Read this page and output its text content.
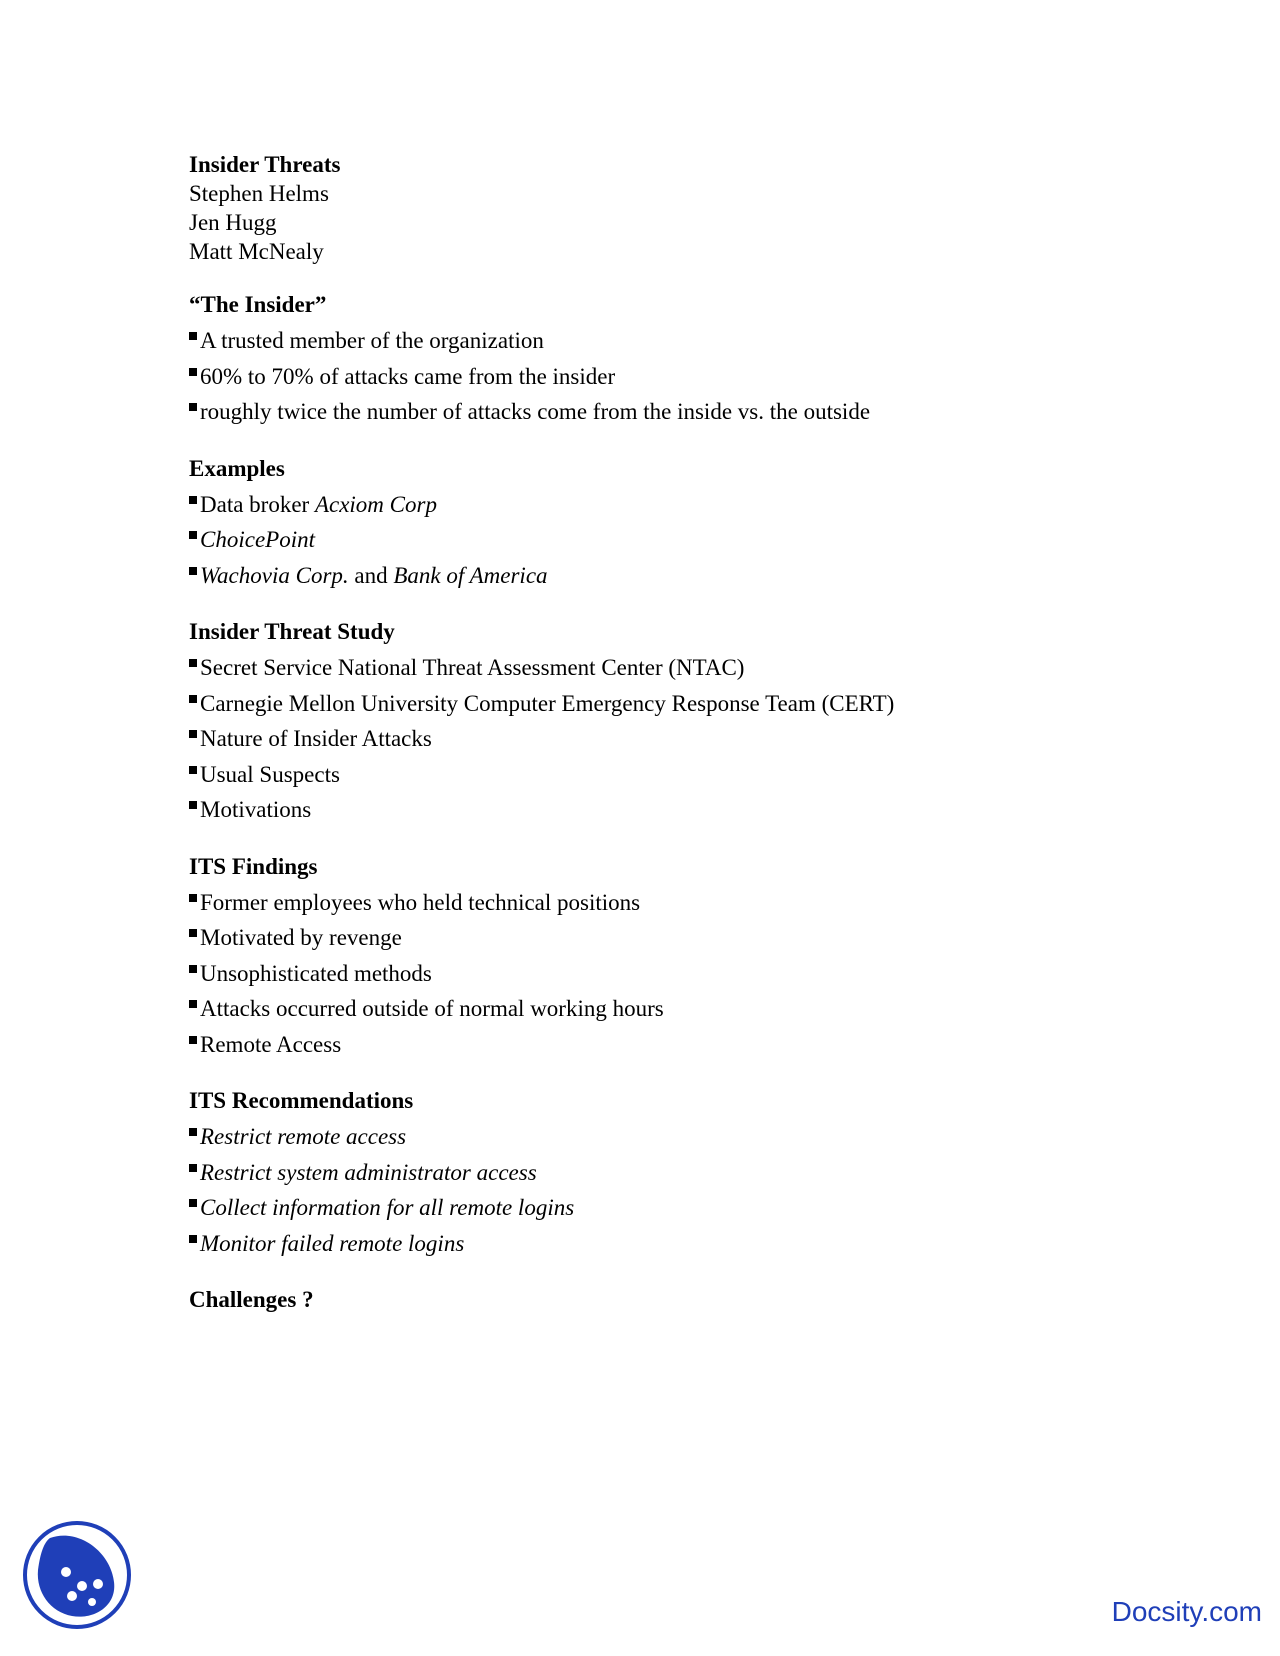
Insider Threats

Stephen Helms

Jen Hugg

Matt McNealy

“The Insider”

A trusted member of the organization

60% to 70% of attacks came from the insider

roughly twice the number of attacks come from the inside vs. the outside

Examples

Data broker Acxiom Corp

ChoicePoint

Wachovia Corp. and Bank of America

Insider Threat Study

Secret Service National Threat Assessment Center (NTAC)

Carnegie Mellon University Computer Emergency Response Team (CERT)

Nature of Insider Attacks

Usual Suspects

Motivations

ITS Findings

Former employees who held technical positions

Motivated by revenge

Unsophisticated methods

Attacks occurred outside of normal working hours

Remote Access

ITS Recommendations

Restrict remote access

Restrict system administrator access

Collect information for all remote logins

Monitor failed remote logins

Challenges ?

Docsity.com
